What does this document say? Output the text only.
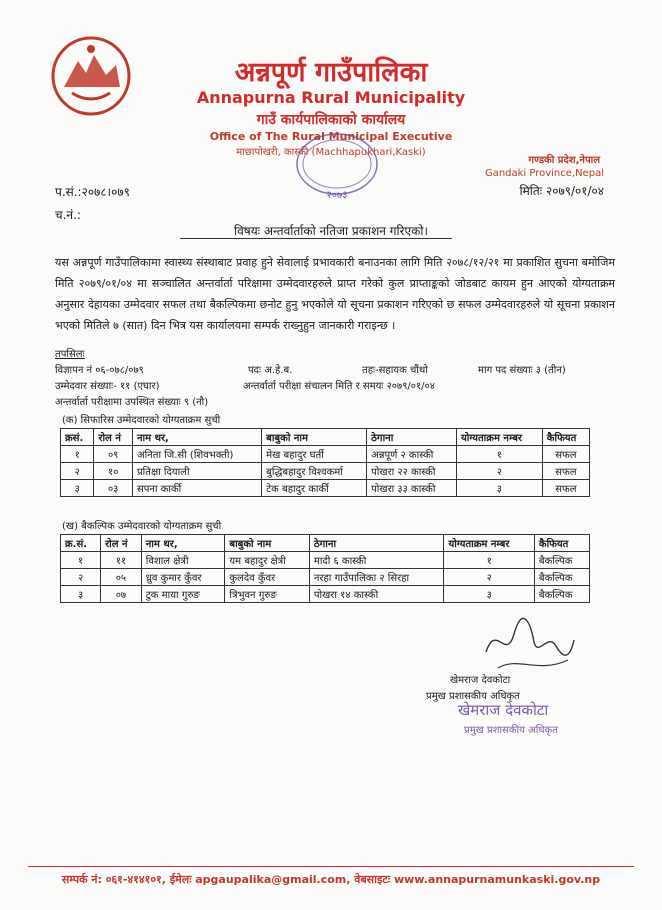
अन्नपूर्ण गाउँपालिका
Annapurna Rural Municipality
गाउँ कार्यपालिकाको कार्यालय
Office of The Rural Municipal Executive
माछापोखरी, कास्की (Machhapukhari,Kaski)
२०७३
गण्डकी प्रदेश,नेपाल
Gandaki Province,Nepal
प.सं.:२०७८।०७९	मितिः २०७९/०१/०४
च.नं.:
विषयः अन्तर्वार्ताको नतिजा प्रकाशन गरिएको।
यस अन्नपूर्ण गाउँपालिकामा स्वास्थ्य संस्थाबाट प्रवाह हुने सेवालाई प्रभावकारी बनाउनका लागि मिति २०७८/१२/२१ मा प्रकाशित सुचना बमोजिम मिति २०७९/०१/०४ मा सञ्चालित अन्तर्वार्ता परिक्षामा उम्मेदवारहरुले प्राप्त गरेको कुल प्राप्ताङ्कको जोडबाट कायम हुन आएको योग्यताक्रम अनुसार देहायका उम्मेदवार सफल तथा बैकल्पिकमा छनोट हुनु भएकोले यो सूचना प्रकाशन गरिएको छ सफल उम्मेदवारहरुले यो सूचना प्रकाशन भएको मितिले ७ (सात) दिन भित्र यस कार्यालयमा सम्पर्क राख्नुहुन जानकारी गराइन्छ ।
तपसिलः
विज्ञापन नं ०६-०७८/०७९	पदः अ.हे.ब.	तहः-सहायक चौंथो	माग पद संख्याः ३ (तीन)
उम्मेदवार संख्याः- ११ (एघार)	अन्तर्वार्ता परीक्षा संचालन मिति र समयः २०७९/०१/०४
अन्तर्वार्ता परीक्षामा उपस्थित संख्याः ९ (नौ)
(क) सिफारिस उम्मेदवारको योग्यताक्रम सुची
क्रसं.	रोल नं	नाम थर,	बाबुको नाम	ठेगाना	योग्यताक्रम नम्बर	कैफियत
१	०९	अनिता जि.सी (शिवभक्ती)	मेख बहादुर घर्ती	अन्नपूर्ण २ कास्की	१	सफल
२	१०	प्रतिक्षा दियाली	बुद्धिबहादुर विश्वकर्मा	पोखरा २२ कास्की	२	सफल
३	०३	सपना कार्की	टेक बहादुर कार्की	पोखरा ३३ कास्की	३	सफल
(ख) बैकल्पिक उम्मेदवारको योग्यताक्रम सुची
क्र.सं.	रोल नं	नाम थर,	बाबुको नाम	ठेगाना	योग्यताक्रम नम्बर	कैफियत
१	११	विशाल क्षेत्री	यम बहादुर क्षेत्री	मादी ६ कास्की	१	बैकल्पिक
२	०५	ध्रुव कुमार कुँवर	कुलदेव कुँवर	नरहा गाउँपालिका २ सिरहा	२	बैकल्पिक
३	०७	टुक माया गुरुङ	त्रिभुवन गुरुङ	पोखरा १४ कास्की	३	बैकल्पिक
खेमराज देवकोटा
प्रमुख प्रशासकीय अधिकृत
खेमराज देवकोटा
प्रमुख प्रशासकीय अधिकृत
सम्पर्क नं: ०६१-४१४१०१, ईमेलः apgaupalika@gmail.com, वेबसाइटः www.annapurnamunkaski.gov.np
